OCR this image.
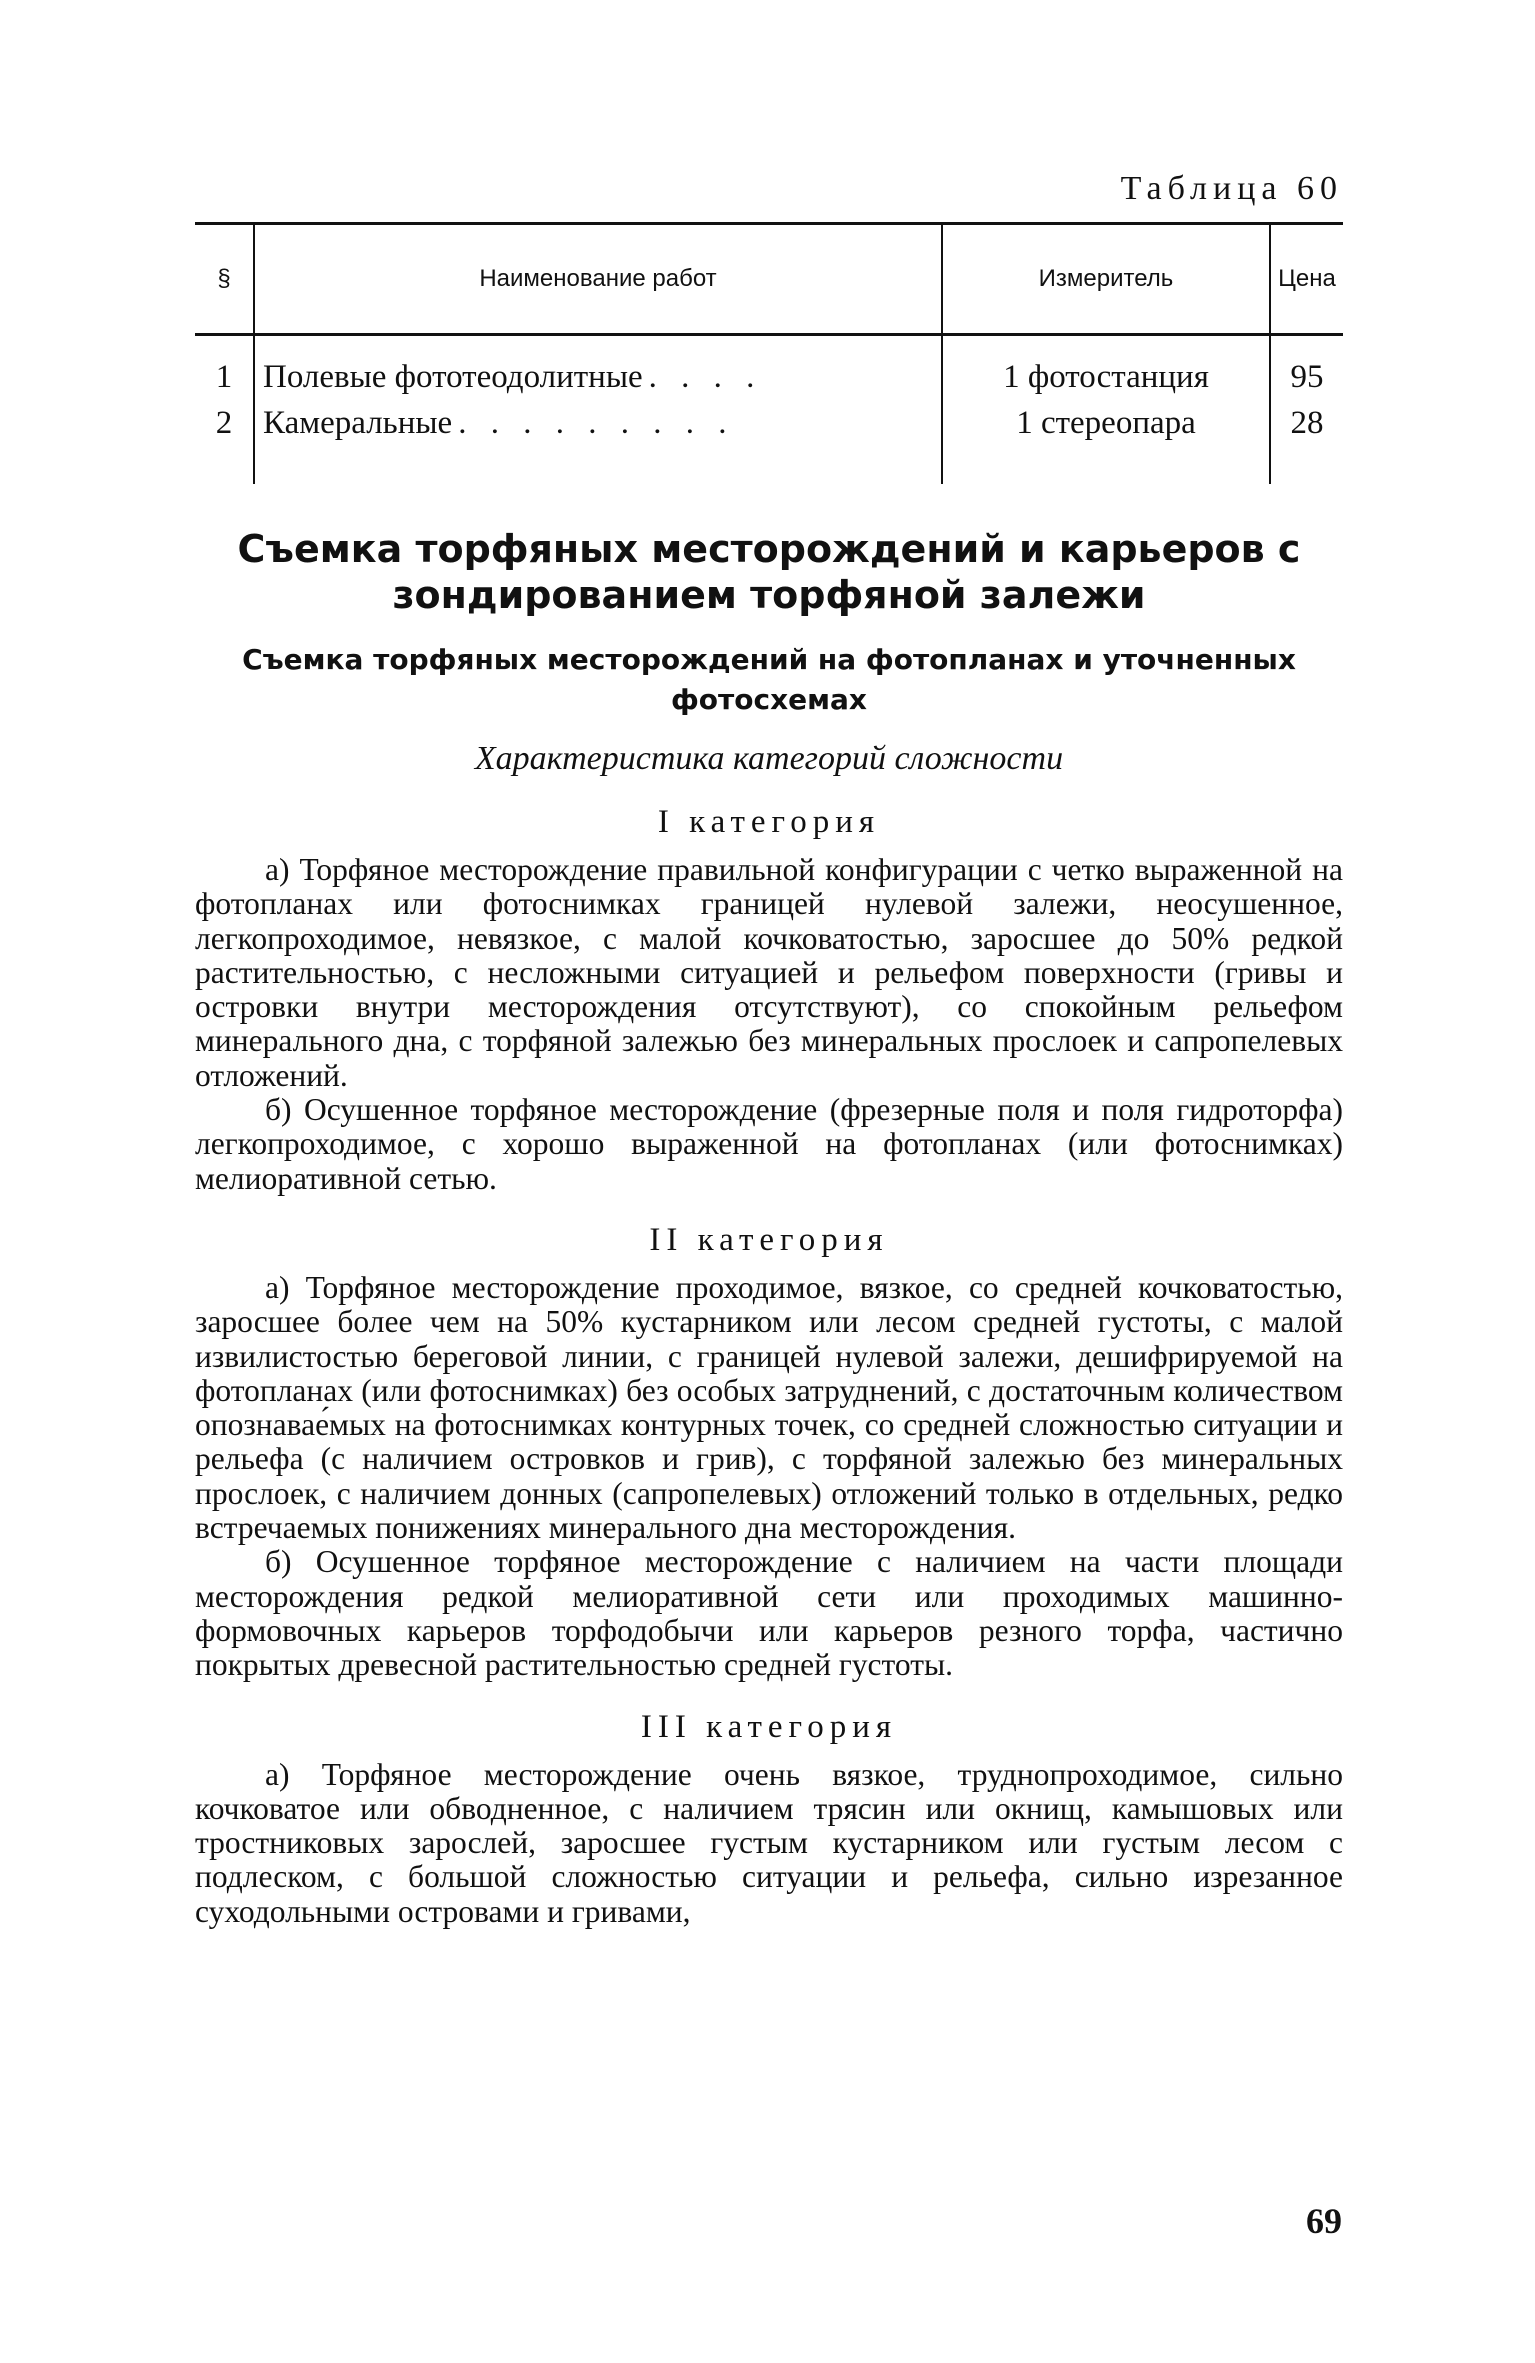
Таблица 60
§	Наименование работ	Измеритель	Цена
1	Полевые фототеодолитные . . . .	1 фотостанция	95
2	Камеральные . . . . . . . . .	1 стереопара	28
Съемка торфяных месторождений и карьеров с зондированием торфяной залежи
Съемка торфяных месторождений на фотопланах и уточненных фотосхемах
Характеристика категорий сложности
I категория

а) Торфяное месторождение правильной конфигурации с четко выраженной на фотопланах или фотоснимках границей нулевой залежи, неосушенное, легкопроходимое, невязкое, с малой кочковатостью, заросшее до 50% редкой растительностью, с несложными ситуацией и рельефом поверхности (гривы и островки внутри месторождения отсутствуют), со спокойным рельефом минерального дна, с торфяной залежью без минеральных прослоек и сапропелевых отложений.

б) Осушенное торфяное месторождение (фрезерные поля и поля гидроторфа) легкопроходимое, с хорошо выраженной на фотопланах (или фотоснимках) мелиоративной сетью.

II категория

а) Торфяное месторождение проходимое, вязкое, со средней кочковатостью, заросшее более чем на 50% кустарником или лесом средней густоты, с малой извилистостью береговой линии, с границей нулевой залежи, дешифрируемой на фотопланах (или фотоснимках) без особых затруднений, с достаточным количеством опознавае́мых на фотоснимках контурных точек, со средней сложностью ситуации и рельефа (с наличием островков и грив), с торфяной залежью без минеральных прослоек, с наличием донных (сапропелевых) отложений только в отдельных, редко встречаемых понижениях минерального дна месторождения.

б) Осушенное торфяное месторождение с наличием на части площади месторождения редкой мелиоративной сети или проходимых машинно-формовочных карьеров торфодобычи или карьеров резного торфа, частично покрытых древесной растительностью средней густоты.

III категория

а) Торфяное месторождение очень вязкое, труднопроходимое, сильно кочковатое или обводненное, с наличием трясин или окнищ, камышовых или тростниковых зарослей, заросшее густым кустарником или густым лесом с подлеском, с большой сложностью ситуации и рельефа, сильно изрезанное суходольными островами и гривами,

69
